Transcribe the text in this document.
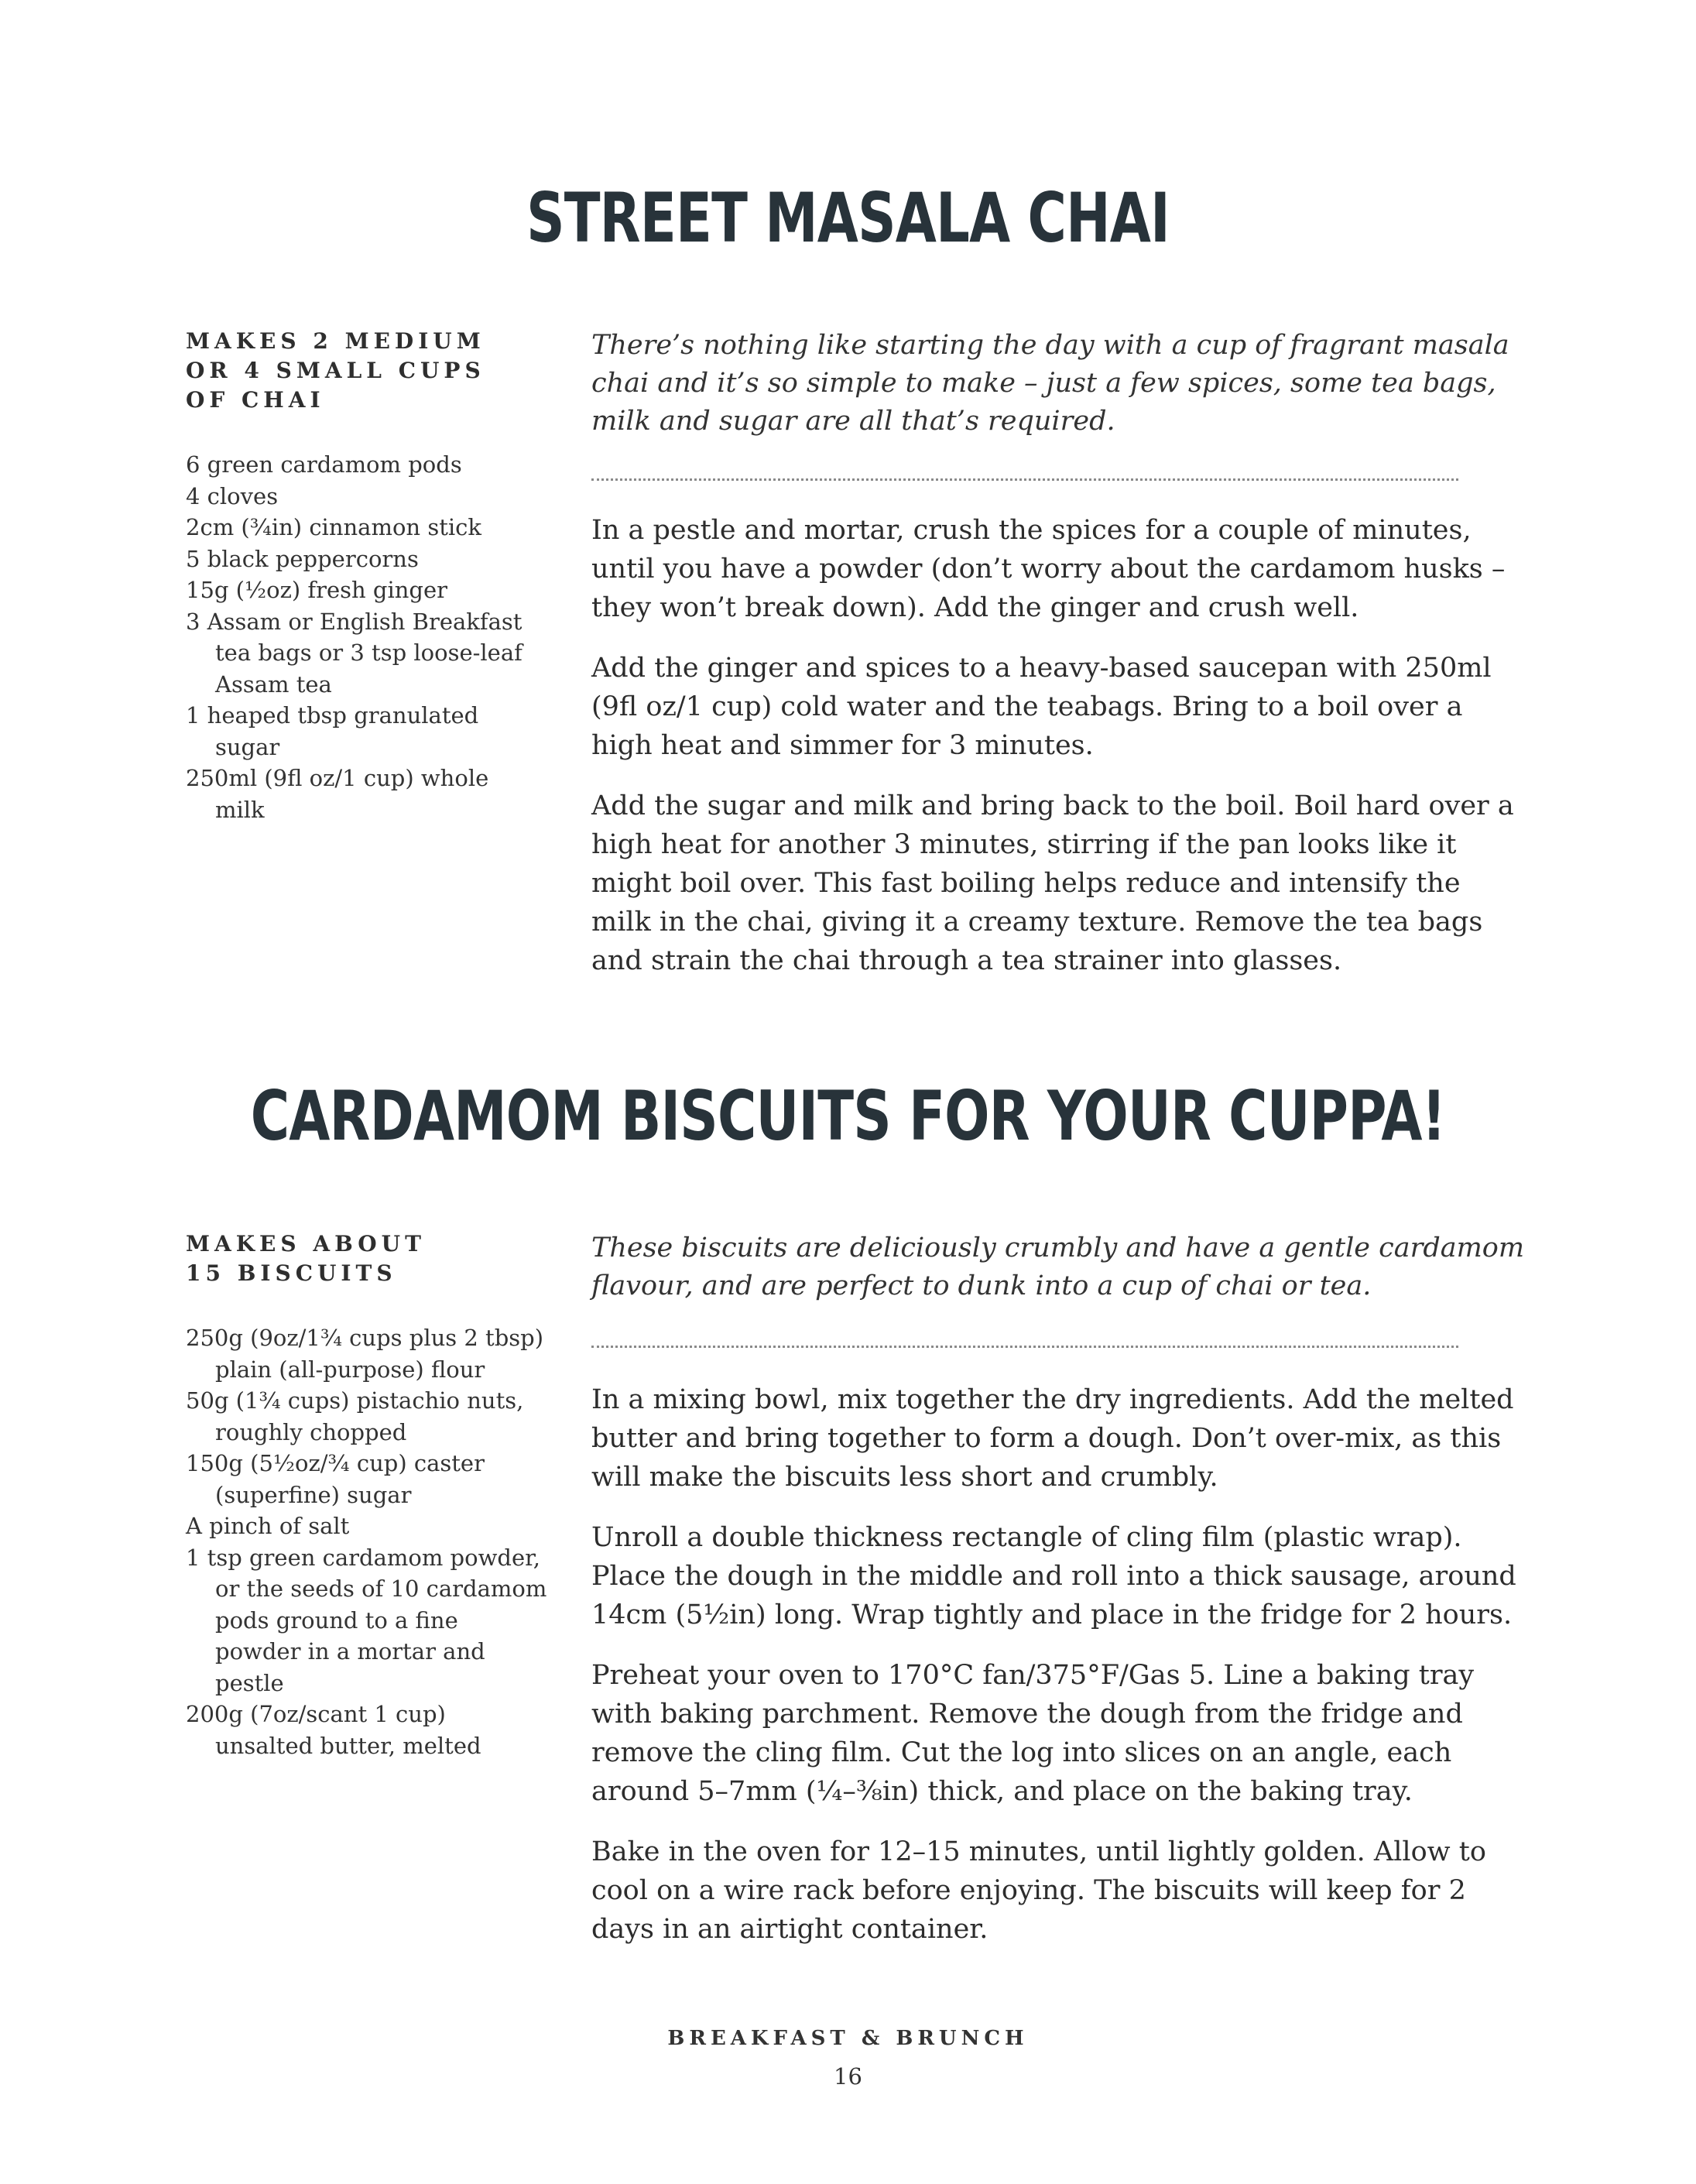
STREET MASALA CHAI

MAKES 2 MEDIUM OR 4 SMALL CUPS OF CHAI

6 green cardamom pods
4 cloves
2cm (¾in) cinnamon stick
5 black peppercorns
15g (½oz) fresh ginger
3 Assam or English Breakfast tea bags or 3 tsp loose-leaf Assam tea
1 heaped tbsp granulated sugar
250ml (9fl oz/1 cup) whole milk

There’s nothing like starting the day with a cup of fragrant masala chai and it’s so simple to make – just a few spices, some tea bags, milk and sugar are all that’s required.

In a pestle and mortar, crush the spices for a couple of minutes, until you have a powder (don’t worry about the cardamom husks – they won’t break down). Add the ginger and crush well.

Add the ginger and spices to a heavy-based saucepan with 250ml (9fl oz/1 cup) cold water and the teabags. Bring to a boil over a high heat and simmer for 3 minutes.

Add the sugar and milk and bring back to the boil. Boil hard over a high heat for another 3 minutes, stirring if the pan looks like it might boil over. This fast boiling helps reduce and intensify the milk in the chai, giving it a creamy texture. Remove the tea bags and strain the chai through a tea strainer into glasses.

CARDAMOM BISCUITS FOR YOUR CUPPA!

MAKES ABOUT 15 BISCUITS

250g (9oz/1¾ cups plus 2 tbsp) plain (all-purpose) flour
50g (1¾ cups) pistachio nuts, roughly chopped
150g (5½oz/¾ cup) caster (superfine) sugar
A pinch of salt
1 tsp green cardamom powder, or the seeds of 10 cardamom pods ground to a fine powder in a mortar and pestle
200g (7oz/scant 1 cup) unsalted butter, melted

These biscuits are deliciously crumbly and have a gentle cardamom flavour, and are perfect to dunk into a cup of chai or tea.

In a mixing bowl, mix together the dry ingredients. Add the melted butter and bring together to form a dough. Don’t over-mix, as this will make the biscuits less short and crumbly.

Unroll a double thickness rectangle of cling film (plastic wrap). Place the dough in the middle and roll into a thick sausage, around 14cm (5½in) long. Wrap tightly and place in the fridge for 2 hours.

Preheat your oven to 170°C fan/375°F/Gas 5. Line a baking tray with baking parchment. Remove the dough from the fridge and remove the cling film. Cut the log into slices on an angle, each around 5–7mm (¼–⅜in) thick, and place on the baking tray.

Bake in the oven for 12–15 minutes, until lightly golden. Allow to cool on a wire rack before enjoying. The biscuits will keep for 2 days in an airtight container.

BREAKFAST & BRUNCH

16
